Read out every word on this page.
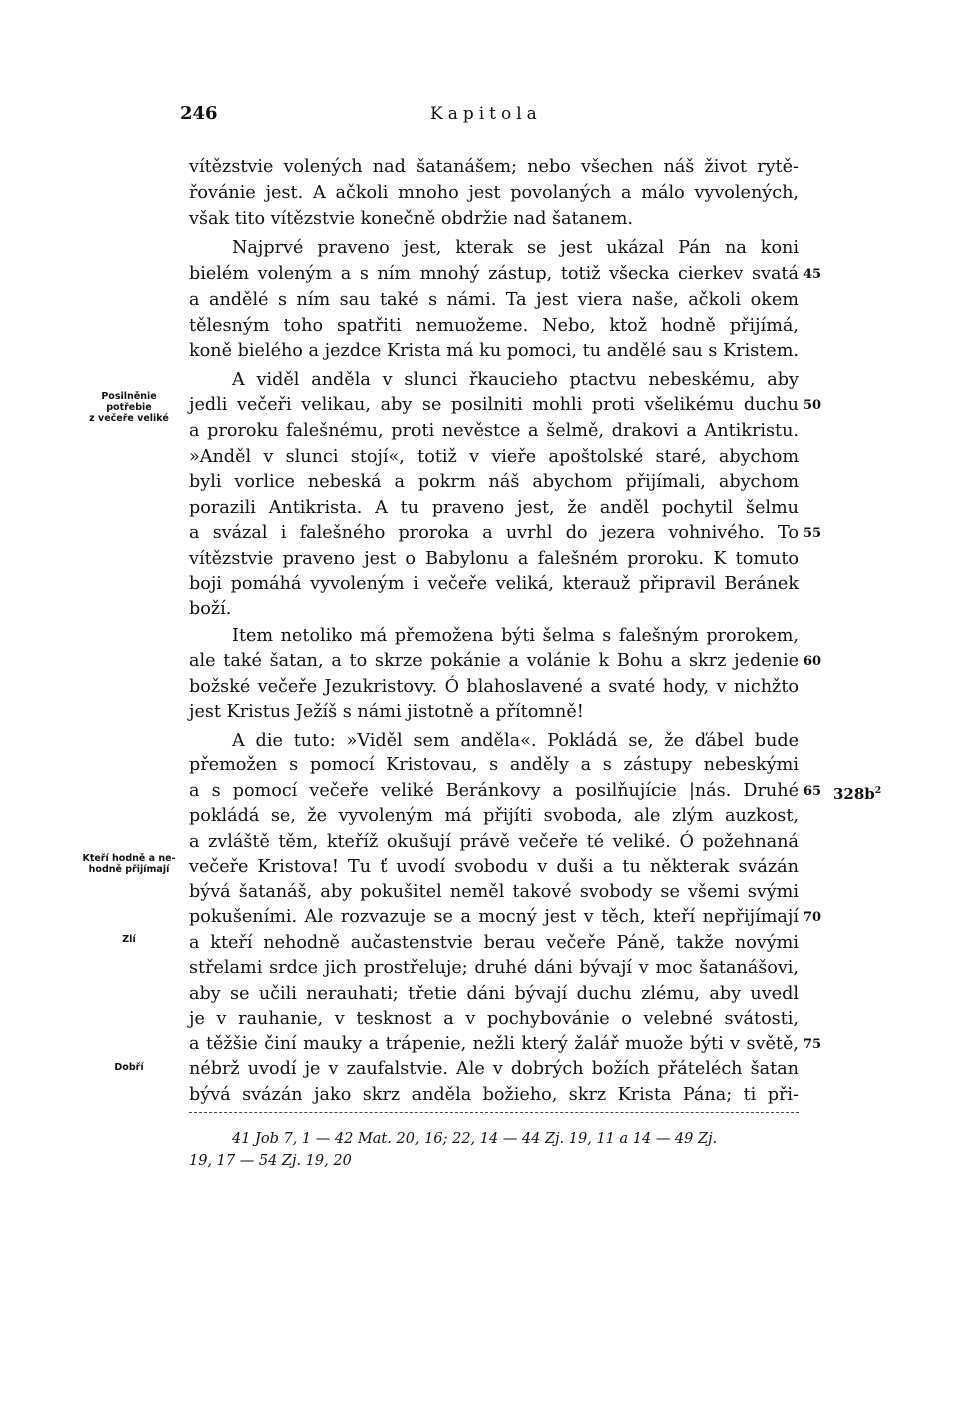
246	Kapitola
vítězstvie volených nad šatanášem; nebo všechen náš život rytě-
řovánie jest. A ačkoli mnoho jest povolaných a málo vyvolených,
však tito vítězstvie konečně obdržie nad šatanem.
Najprvé praveno jest, kterak se jest ukázal Pán na koni
bielém voleným a s ním mnohý zástup, totiž všecka cierkev svatá
a andělé s ním sau také s námi. Ta jest viera naše, ačkoli okem
tělesným toho spatřiti nemuožeme. Nebo, ktož hodně přijímá,
koně bielého a jezdce Krista má ku pomoci, tu andělé sau s Kristem.
A viděl anděla v slunci řkaucieho ptactvu nebeskému, aby
jedli večeři velikau, aby se posilniti mohli proti všelikému duchu
a proroku falešnému, proti nevěstce a šelmě, drakovi a Antikristu.
»Anděl v slunci stojí«, totiž v vieře apoštolské staré, abychom
byli vorlice nebeská a pokrm náš abychom přijímali, abychom
porazili Antikrista. A tu praveno jest, že anděl pochytil šelmu
a svázal i falešného proroka a uvrhl do jezera vohnivého. To
vítězstvie praveno jest o Babylonu a falešném proroku. K tomuto
boji pomáhá vyvoleným i večeře veliká, kterauž připravil Beránek
boží.
Item netoliko má přemožena býti šelma s falešným prorokem,
ale také šatan, a to skrze pokánie a volánie k Bohu a skrz jedenie
božské večeře Jezukristovy. Ó blahoslavené a svaté hody, v nichžto
jest Kristus Ježíš s námi jistotně a přítomně!
A die tuto: »Viděl sem anděla«. Pokládá se, že ďábel bude
přemožen s pomocí Kristovau, s anděly a s zástupy nebeskými
a s pomocí večeře veliké Beránkovy a posilňujície |nás. Druhé
pokládá se, že vyvoleným má přijíti svoboda, ale zlým auzkost,
a zvláště těm, kteříž okušují právě večeře té veliké. Ó požehnaná
večeře Kristova! Tu ť uvodí svobodu v duši a tu některak svázán
bývá šatanáš, aby pokušitel neměl takové svobody se všemi svými
pokušeními. Ale rozvazuje se a mocný jest v těch, kteří nepřijímají
a kteří nehodně aučastenstvie berau večeře Páně, takže novými
střelami srdce jich prostřeluje; druhé dáni bývají v moc šatanášovi,
aby se učili nerauhati; třetie dáni bývají duchu zlému, aby uvedl
je v rauhanie, v tesknost a v pochybovánie o velebné svátosti,
a těžšie činí mauky a trápenie, nežli který žalář muože býti v světě,
nébrž uvodí je v zaufalstvie. Ale v dobrých božích přáteléch šatan
bývá svázán jako skrz anděla božieho, skrz Krista Pána; ti při-
45
50
55
60
65
70
75
$328b^2$
Posilněnie
potřebie
z večeře veliké
Kteří hodně a ne-
hodně přijímají
Zlí
Dobří
41 Job 7, 1 — 42 Mat. 20, 16; 22, 14 — 44 Zj. 19, 11 a 14 — 49 Zj.
19, 17 — 54 Zj. 19, 20
